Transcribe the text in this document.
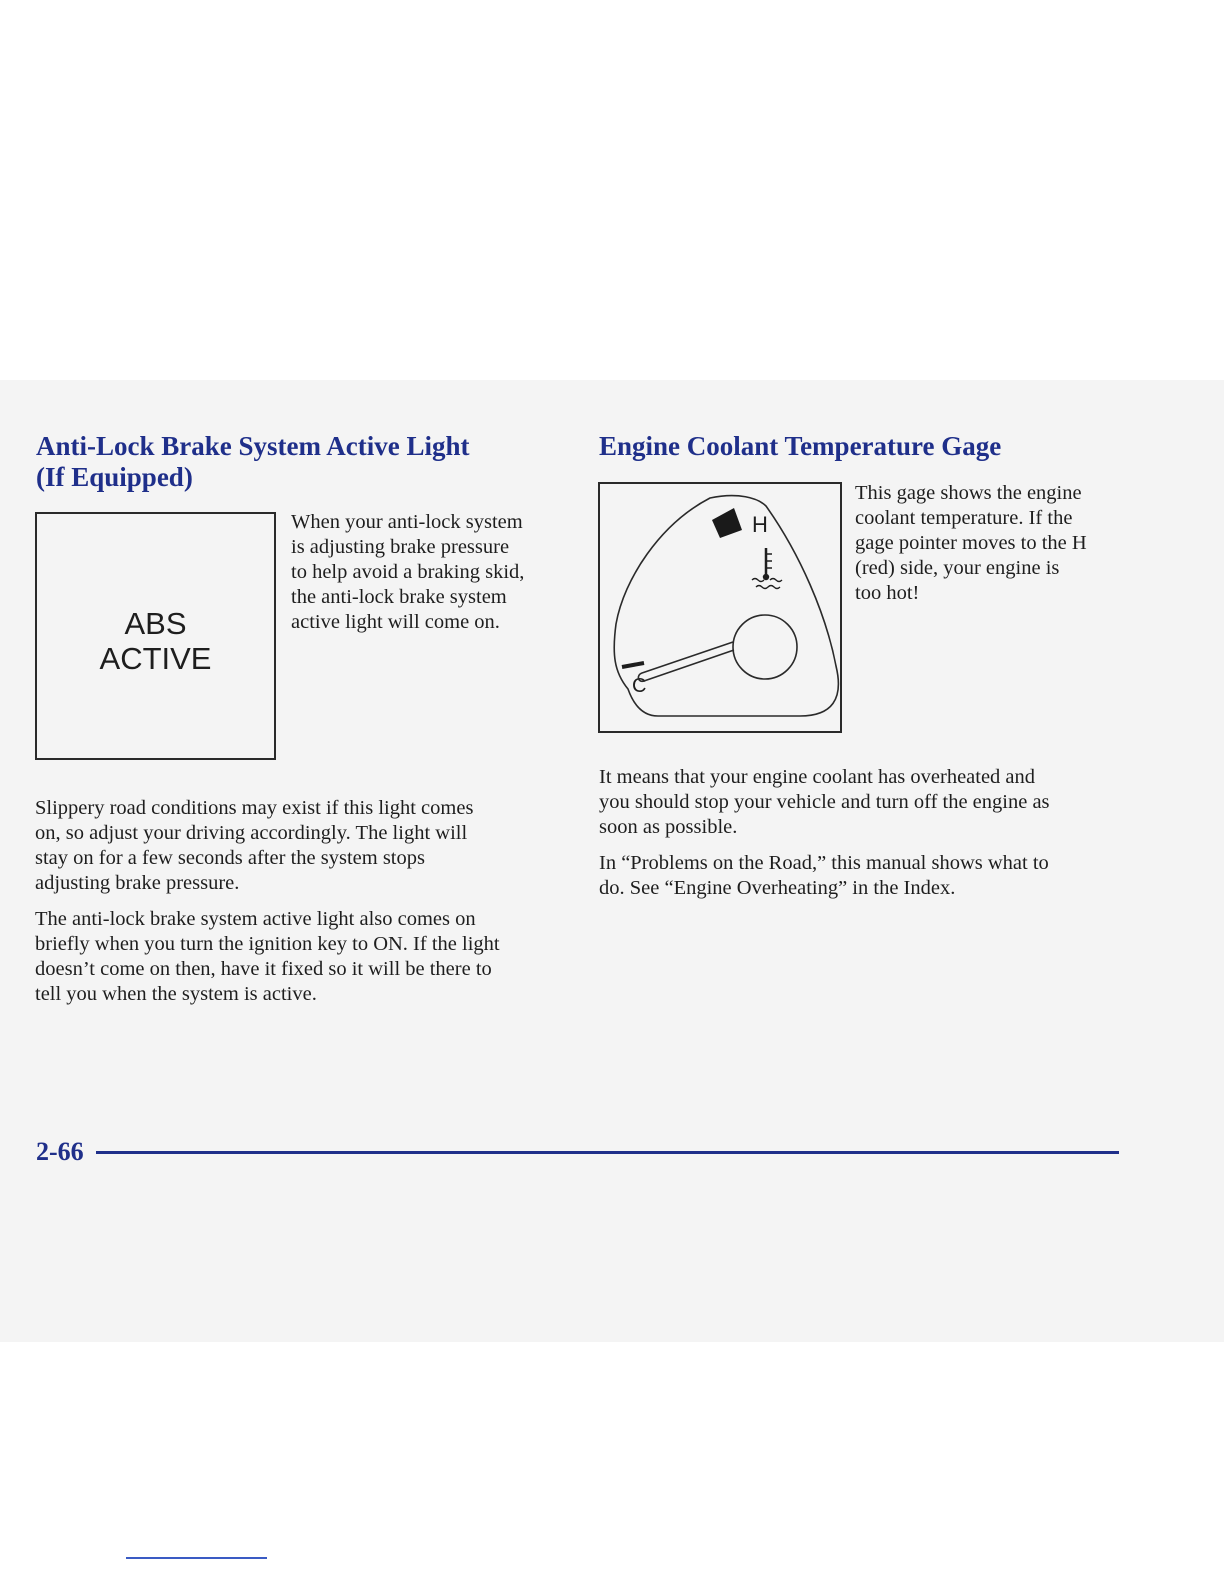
Anti-Lock Brake System Active Light
(If Equipped)
ABS
ACTIVE

When your anti-lock system
is adjusting brake pressure
to help avoid a braking skid,
the anti-lock brake system
active light will come on.

Slippery road conditions may exist if this light comes
on, so adjust your driving accordingly. The light will
stay on for a few seconds after the system stops
adjusting brake pressure.

The anti-lock brake system active light also comes on
briefly when you turn the ignition key to ON. If the light
doesn’t come on then, have it fixed so it will be there to
tell you when the system is active.

Engine Coolant Temperature Gage
H
C

This gage shows the engine
coolant temperature. If the
gage pointer moves to the H
(red) side, your engine is
too hot!

It means that your engine coolant has overheated and
you should stop your vehicle and turn off the engine as
soon as possible.

In “Problems on the Road,” this manual shows what to
do. See “Engine Overheating” in the Index.

2-66
